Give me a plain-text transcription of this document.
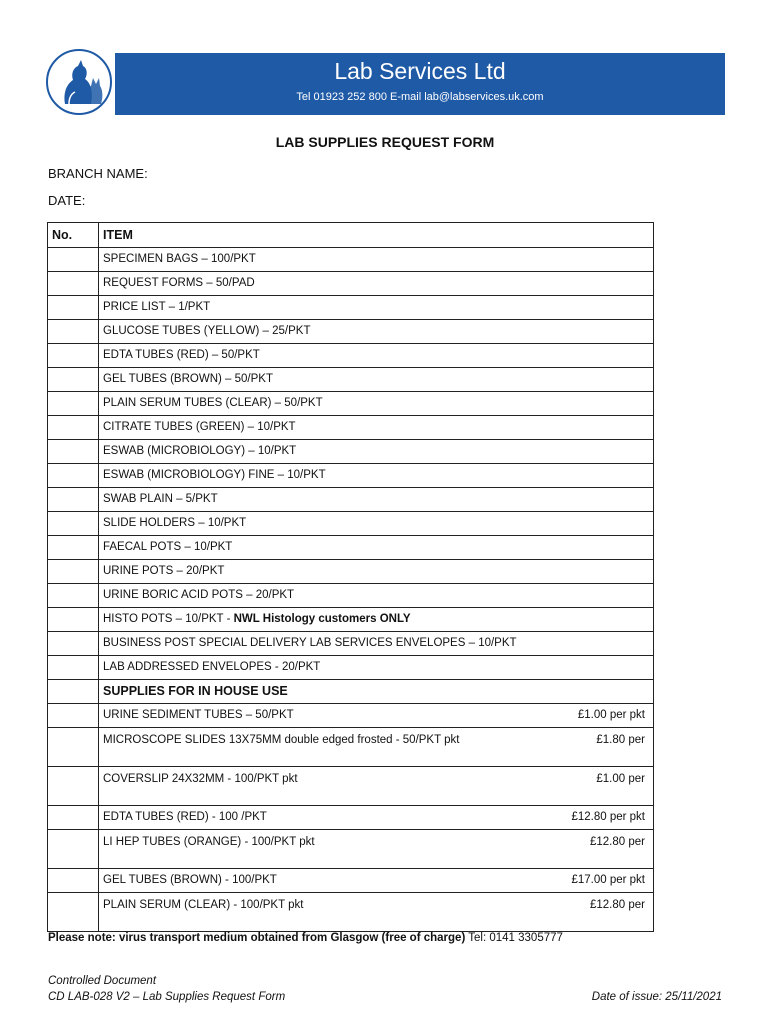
Lab Services Ltd
Tel 01923 252 800 E-mail lab@labservices.uk.com
LAB SUPPLIES REQUEST FORM
BRANCH NAME:
DATE:
No.	ITEM

	SPECIMEN BAGS – 100/PKT

	REQUEST FORMS – 50/PAD

	PRICE LIST – 1/PKT

	GLUCOSE TUBES (YELLOW) – 25/PKT

	EDTA TUBES (RED) – 50/PKT

	GEL TUBES (BROWN) – 50/PKT

	PLAIN SERUM TUBES (CLEAR) – 50/PKT

	CITRATE TUBES (GREEN) – 10/PKT

	ESWAB (MICROBIOLOGY) – 10/PKT

	ESWAB (MICROBIOLOGY) FINE – 10/PKT

	SWAB PLAIN – 5/PKT

	SLIDE HOLDERS – 10/PKT

	FAECAL POTS – 10/PKT

	URINE POTS – 20/PKT

	URINE BORIC ACID POTS – 20/PKT

	HISTO POTS – 10/PKT - NWL Histology customers ONLY

	BUSINESS POST SPECIAL DELIVERY LAB SERVICES ENVELOPES – 10/PKT

	LAB ADDRESSED ENVELOPES - 20/PKT

	SUPPLIES FOR IN HOUSE USE

	URINE SEDIMENT TUBES – 50/PKT £1.00 per pkt

	MICROSCOPE SLIDES 13X75MM double edged frosted - 50/PKT pkt £1.80 per

	COVERSLIP 24X32MM - 100/PKT pkt £1.00 per

	EDTA TUBES (RED) - 100 /PKT £12.80 per pkt

	LI HEP TUBES (ORANGE) - 100/PKT pkt £12.80 per

	GEL TUBES (BROWN) - 100/PKT £17.00 per pkt

	PLAIN SERUM (CLEAR) - 100/PKT pkt £12.80 per
Please note: virus transport medium obtained from Glasgow (free of charge) Tel: 0141 3305777
Controlled Document
CD LAB-028 V2 – Lab Supplies Request Form	Date of issue: 25/11/2021
